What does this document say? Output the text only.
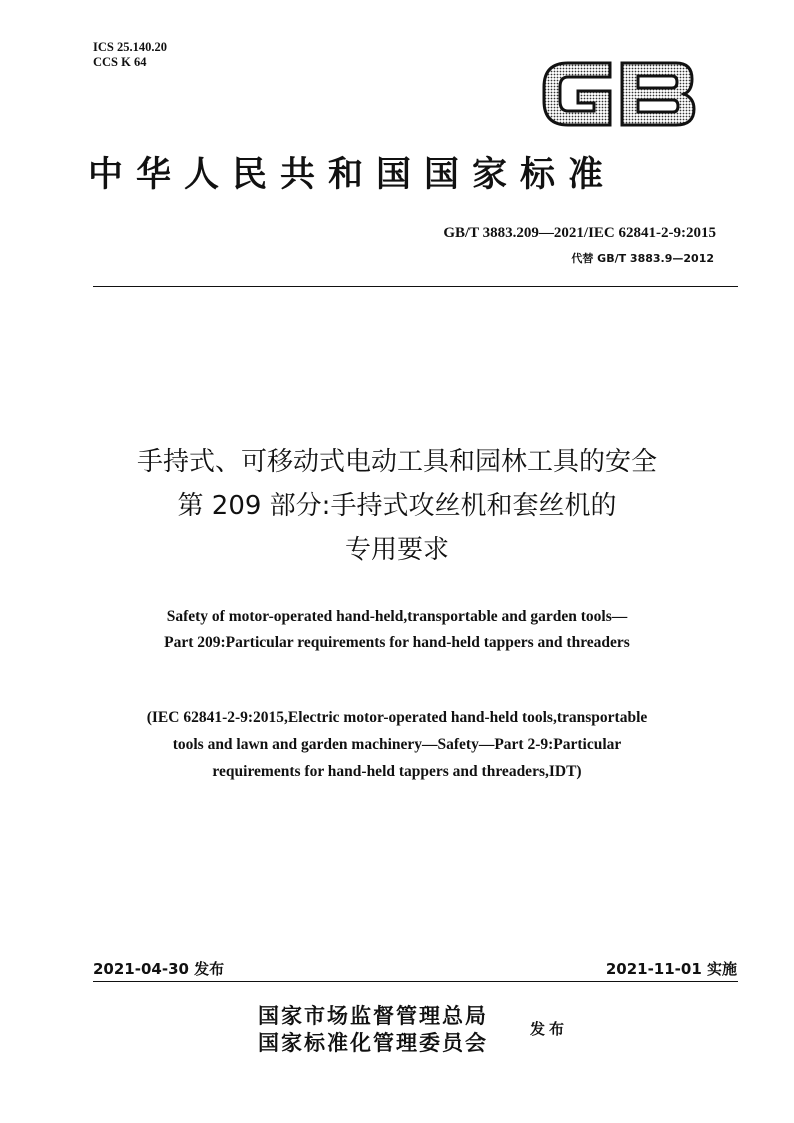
ICS 25.140.20
CCS K 64
中华人民共和国国家标准
GB/T 3883.209—2021/IEC 62841-2-9:2015
代替 GB/T 3883.9—2012
手持式、可移动式电动工具和园林工具的安全
第 209 部分:手持式攻丝机和套丝机的
专用要求
Safety of motor-operated hand-held,transportable and garden tools—
Part 209:Particular requirements for hand-held tappers and threaders
(IEC 62841-2-9:2015,Electric motor-operated hand-held tools,transportable
tools and lawn and garden machinery—Safety—Part 2-9:Particular
requirements for hand-held tappers and threaders,IDT)
2021-04-30 发布	2021-11-01 实施
国家市场监督管理总局
国家标准化管理委员会
发布
